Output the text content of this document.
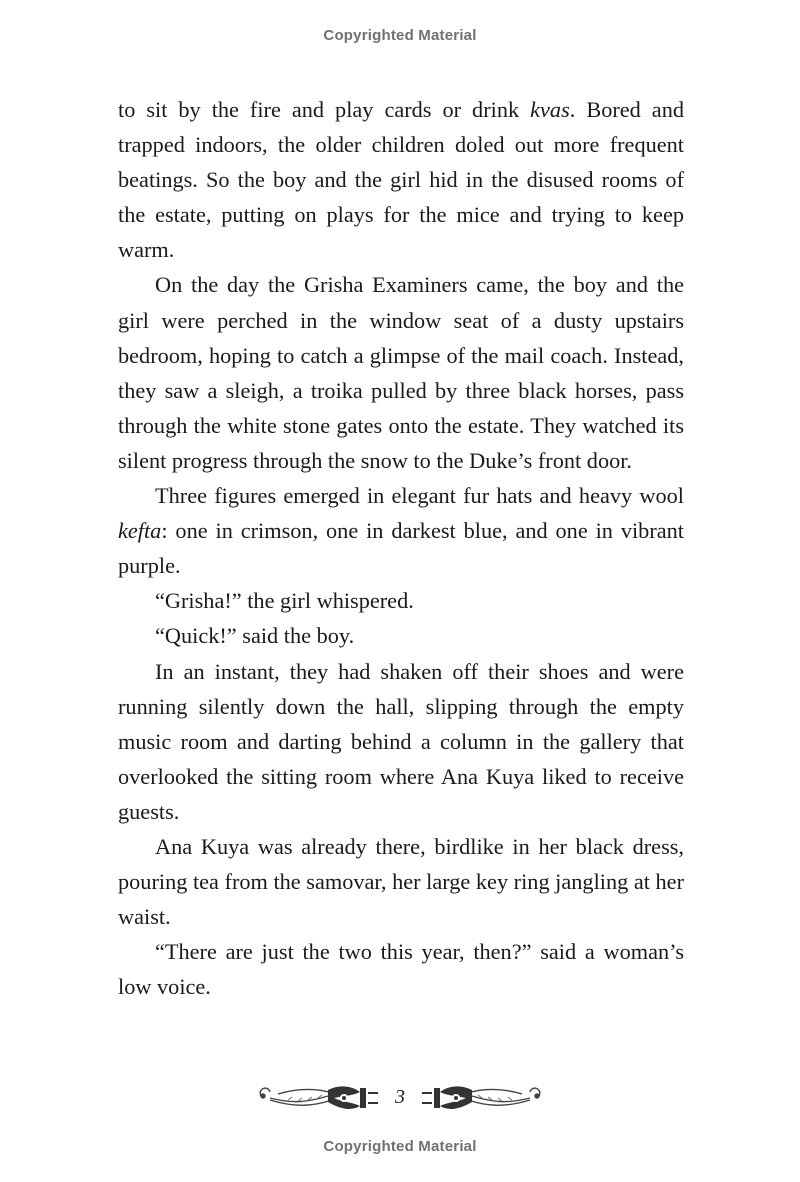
Copyrighted Material

to sit by the fire and play cards or drink kvas. Bored and trapped indoors, the older children doled out more frequent beatings. So the boy and the girl hid in the disused rooms of the estate, putting on plays for the mice and trying to keep warm.

On the day the Grisha Examiners came, the boy and the girl were perched in the window seat of a dusty upstairs bedroom, hoping to catch a glimpse of the mail coach. Instead, they saw a sleigh, a troika pulled by three black horses, pass through the white stone gates onto the estate. They watched its silent progress through the snow to the Duke’s front door.

Three figures emerged in elegant fur hats and heavy wool kefta: one in crimson, one in darkest blue, and one in vibrant purple.

“Grisha!” the girl whispered.

“Quick!” said the boy.

In an instant, they had shaken off their shoes and were running silently down the hall, slipping through the empty music room and darting behind a column in the gallery that overlooked the sitting room where Ana Kuya liked to receive guests.

Ana Kuya was already there, birdlike in her black dress, pouring tea from the samovar, her large key ring jangling at her waist.

“There are just the two this year, then?” said a woman’s low voice.

3
Copyrighted Material
